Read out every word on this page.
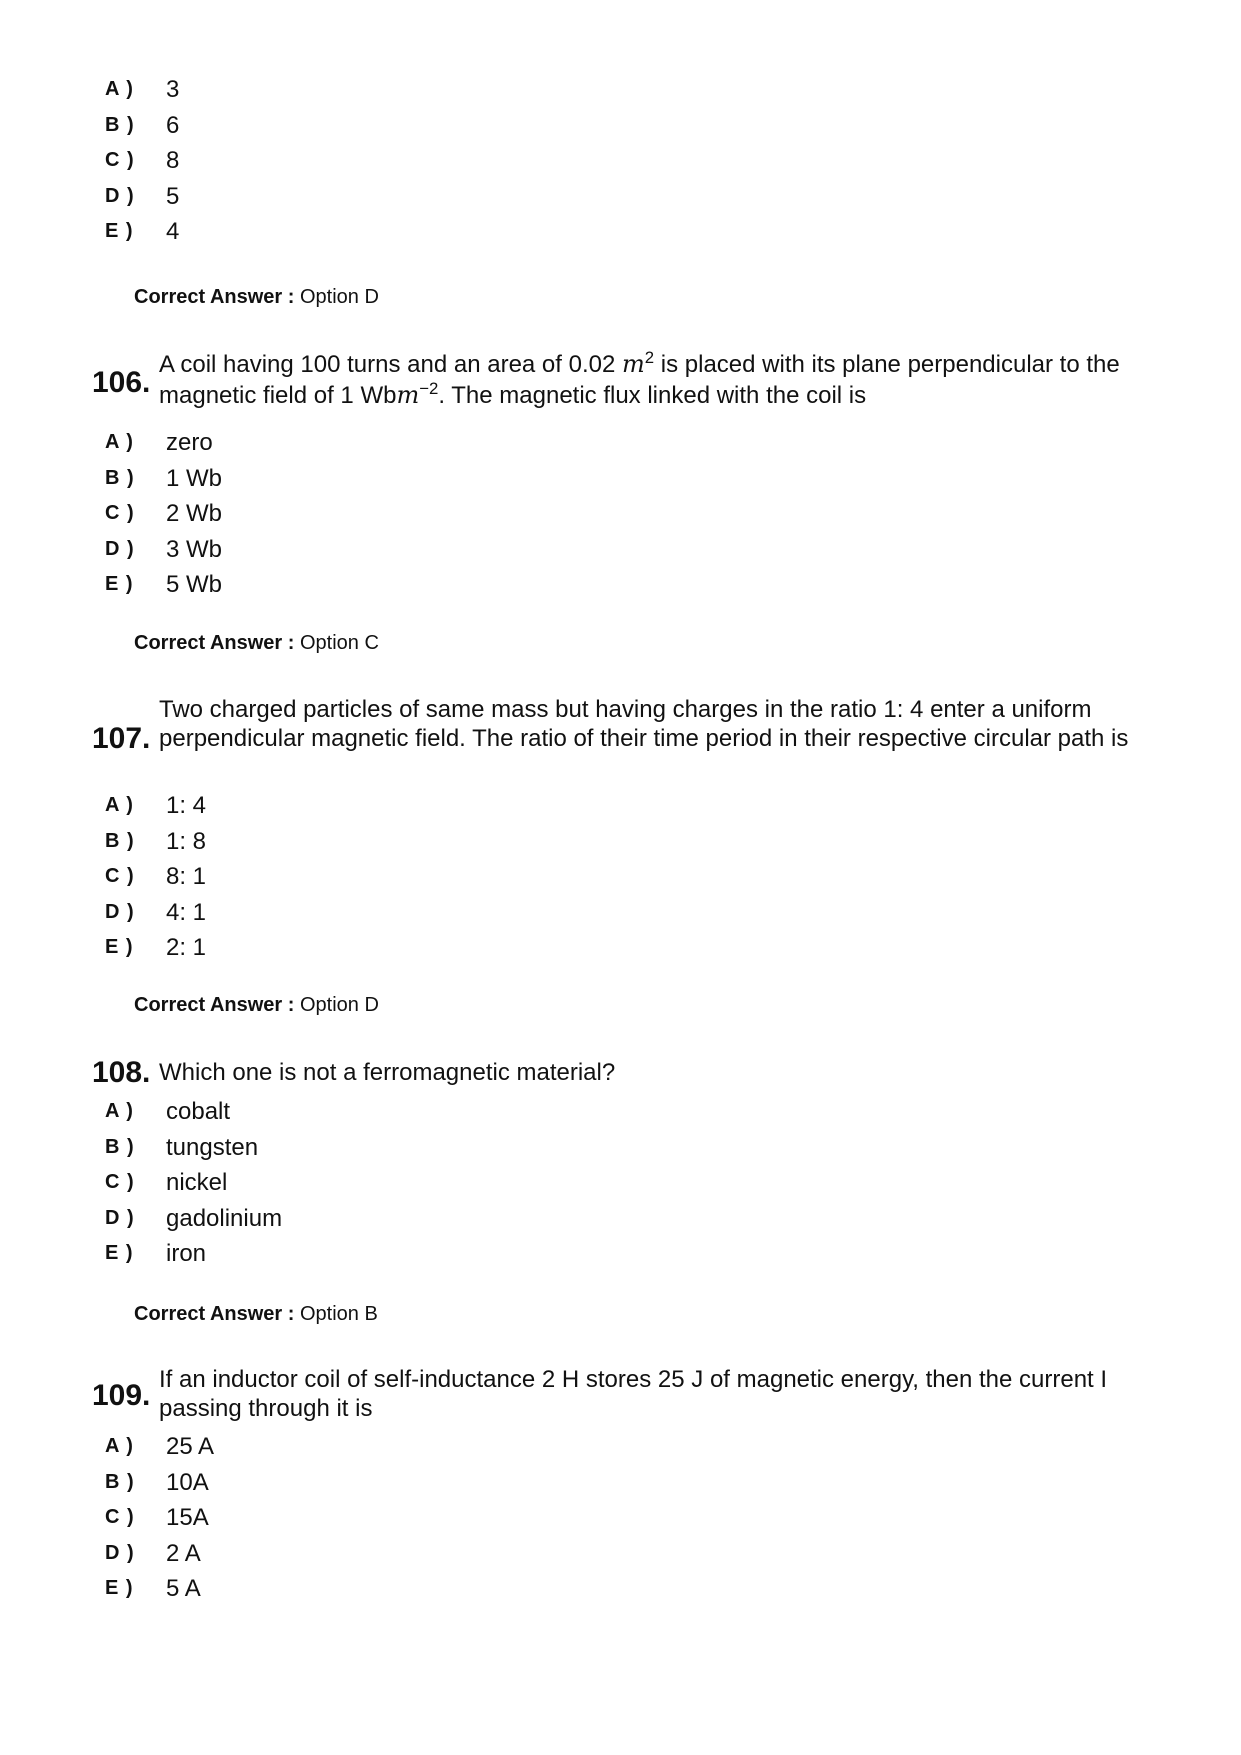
A ) 3
B ) 6
C ) 8
D ) 5
E ) 4
Correct Answer : Option D
106.
A coil having 100 turns and an area of 0.02 $m^2$ is placed with its plane perpendicular to the magnetic field of 1 Wbm$^{-2}$. The magnetic flux linked with the coil is
A ) zero
B ) 1 Wb
C ) 2 Wb
D ) 3 Wb
E ) 5 Wb
Correct Answer : Option C
107.
Two charged particles of same mass but having charges in the ratio 1: 4 enter a uniform perpendicular magnetic field. The ratio of their time period in their respective circular path is
A ) 1: 4
B ) 1: 8
C ) 8: 1
D ) 4: 1
E ) 2: 1
Correct Answer : Option D
108. Which one is not a ferromagnetic material?
A ) cobalt
B ) tungsten
C ) nickel
D ) gadolinium
E ) iron
Correct Answer : Option B
109. If an inductor coil of self-inductance 2 H stores 25 J of magnetic energy, then the current I passing through it is
A ) 25 A
B ) 10A
C ) 15A
D ) 2 A
E ) 5 A
